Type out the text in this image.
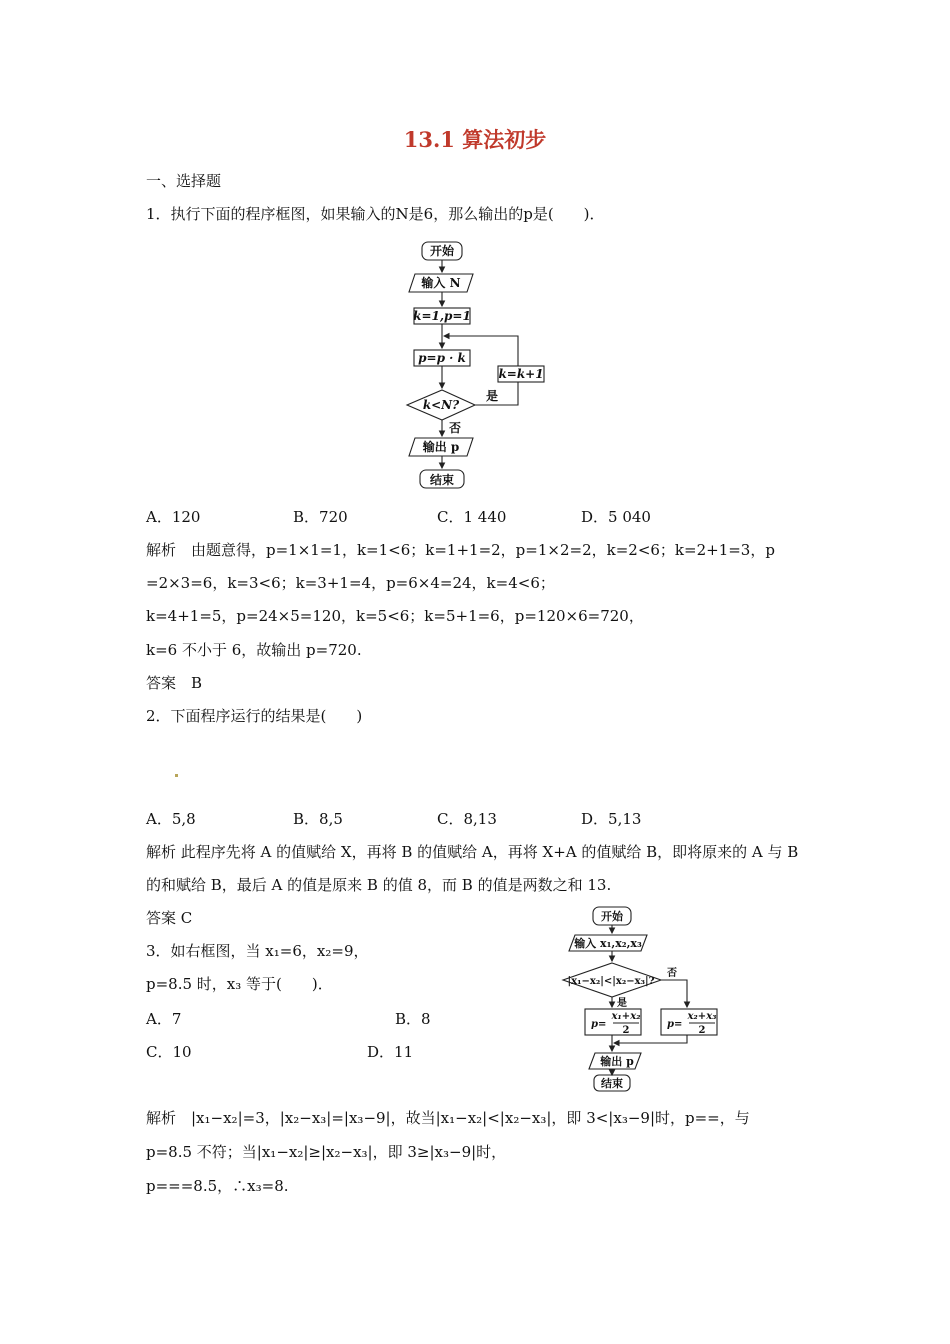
13.1 算法初步
一、选择题
1．执行下面的程序框图，如果输入的N是6，那么输出的p是(　　)．
开始
输入 N
k=1,p=1
p=p · k
k<N?
k=k+1
输出 p
结束
是
否
A．120	B．720	C．1 440	D．5 040
解析　由题意得，p=1×1=1，k=1<6；k=1+1=2，p=1×2=2，k=2<6；k=2+1=3，p
=2×3=6，k=3<6；k=3+1=4，p=6×4=24，k=4<6；
k=4+1=5，p=24×5=120，k=5<6；k=5+1=6，p=120×6=720，
k=6 不小于 6，故输出 p=720.
答案　B
2．下面程序运行的结果是(　　)
A．5,8	B．8,5	C．8,13	D．5,13
解析 此程序先将 A 的值赋给 X，再将 B 的值赋给 A，再将 X+A 的值赋给 B，即将原来的 A 与 B
的和赋给 B，最后 A 的值是原来 B 的值 8，而 B 的值是两数之和 13.
答案 C
3．如右框图，当 x₁=6，x₂=9，
p=8.5 时，x₃ 等于(　　)．
A．7	B．8
C．10	D．11
开始
输入 x₁,x₂,x₃
|x₁−x₂|<|x₂−x₃|?
输出 p
结束
p=
x₁+x₂
2
p=
x₂+x₃
2
是
否
解析　|x₁−x₂|=3，|x₂−x₃|=|x₃−9|，故当|x₁−x₂|<|x₂−x₃|，即 3<|x₃−9|时，p==，与
p=8.5 不符；当|x₁−x₂|≥|x₂−x₃|，即 3≥|x₃−9|时，
p===8.5，∴x₃=8.
